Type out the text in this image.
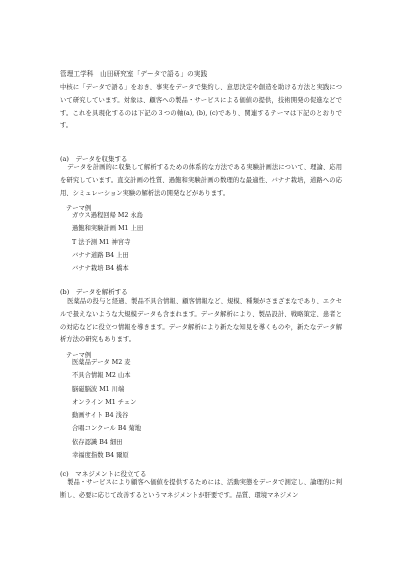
管理工学科　山田研究室「データで語る」の実践
中核に「データで語る」をおき、事実をデータで集約し、意思決定や創造を助ける方法と実践について研究しています。対象は、顧客への製品・サービスによる価値の提供，技術開発の促進などです。これを具現化するのは下記の３つの軸(a), (b), (c)であり、関連するテーマは下記のとおりです。
(a)　データを収集する
データを計画的に収集して解析するための体系的な方法である実験計画法について、理論、応用を研究しています。直交計画の性質、過飽和実験計画の数理的な最適性、バナナ栽培，道路への応用、シミュレーション実験の解析法の開発などがあります。
テーマ例
ガウス過程回帰 M2 永島
過飽和実験計画 M1 上田
T 法予測 M1 神宮寺
バナナ道路 B4 上田
バナナ栽培 B4 橋本
(b)　データを解析する
医薬品の投与と経過、製品不具合情報、顧客情報など、規模、種類がさまざまなであり、エクセルで扱えないような大規模データも含まれます。データ解析により、製品設計、戦略策定、患者との対応などに役立つ情報を導きます。データ解析により新たな知見を導くものや，新たなデータ解析方法の研究もあります。
テーマ例
医薬品データ M2 麦
不具合情報 M2 山本
脳磁脳波 M1 川端
オンライン M1 チェン
動画サイト B4 浅谷
合唱コンクール B4 菊地
依存認識 B4 細田
幸福度指数 B4 爾原
(c)　マネジメントに役立てる
製品・サービスにより顧客へ価値を提供するためには、活動実態をデータで測定し、論理的に判断し、必要に応じて改善するというマネジメントが肝要です。品質、環境マネジメン
